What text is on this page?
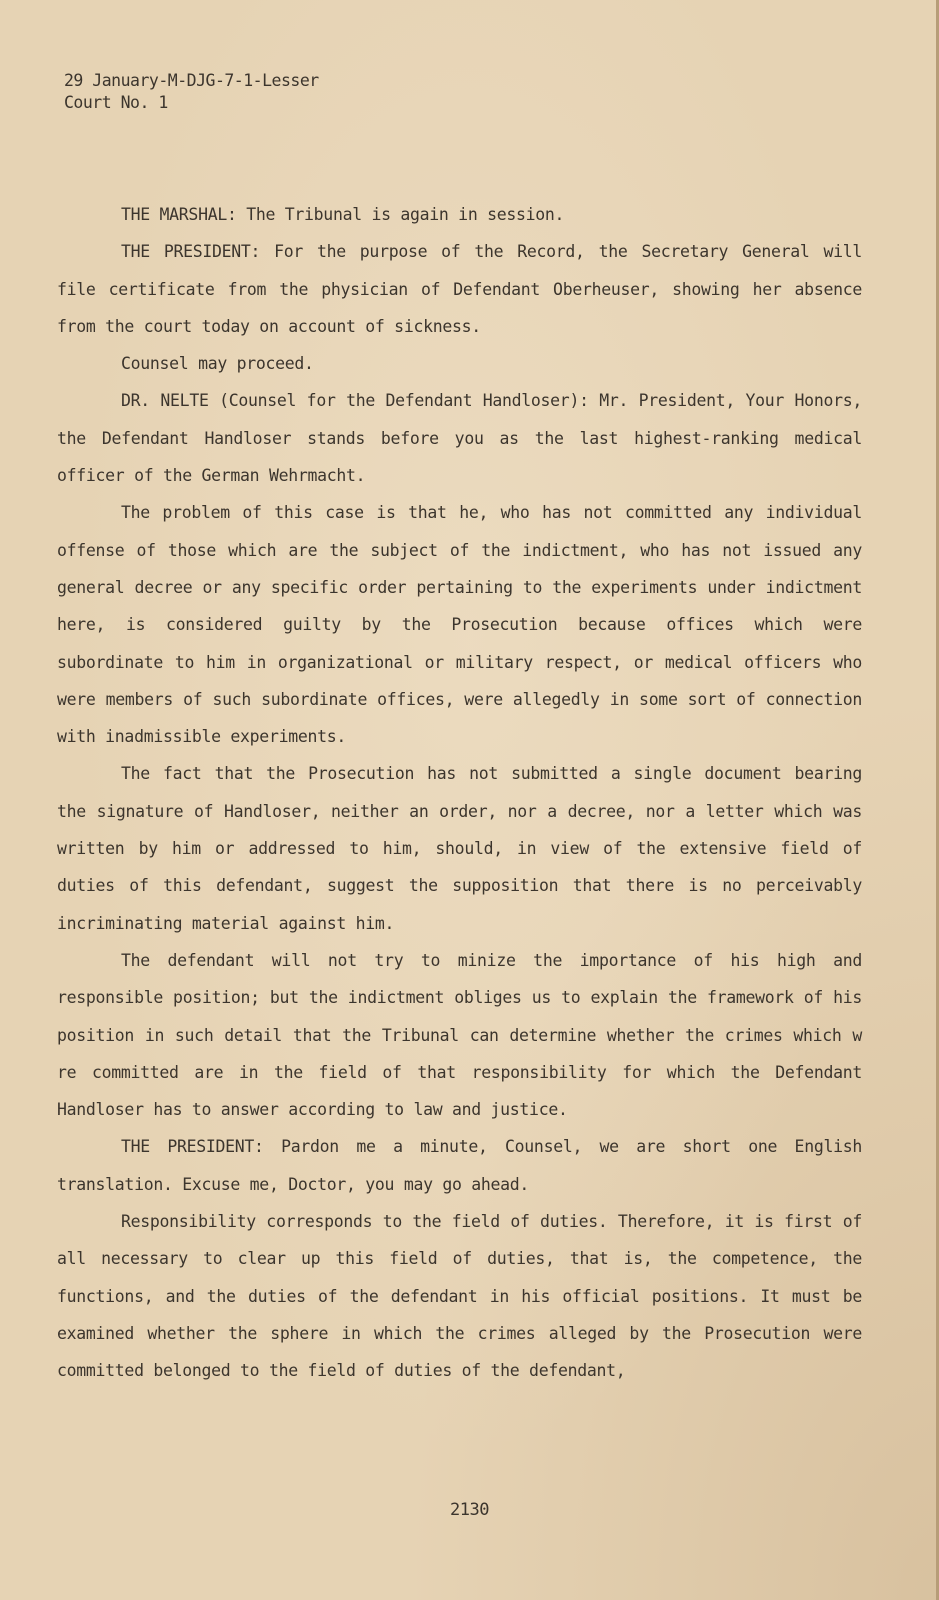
29 January-M-DJG-7-1-Lesser
Court No. 1

THE MARSHAL: The Tribunal is again in session.

THE PRESIDENT: For the purpose of the Record, the Secretary General will file certificate from the physician of Defendant Oberheuser, showing her absence from the court today on account of sickness.

Counsel may proceed.

DR. NELTE (Counsel for the Defendant Handloser): Mr. President, Your Honors, the Defendant Handloser stands before you as the last highest-ranking medical officer of the German Wehrmacht.

The problem of this case is that he, who has not committed any individual offense of those which are the subject of the indictment, who has not issued any general decree or any specific order pertaining to the experiments under indictment here, is considered guilty by the Prosecution because offices which were subordinate to him in organizational or military respect, or medical officers who were members of such subordinate offices, were allegedly in some sort of connection with inadmissible experiments.

The fact that the Prosecution has not submitted a single document bearing the signature of Handloser, neither an order, nor a decree, nor a letter which was written by him or addressed to him, should, in view of the extensive field of duties of this defendant, suggest the supposition that there is no perceivably incriminating material against him.

The defendant will not try to minize the importance of his high and responsible position; but the indictment obliges us to explain the framework of his position in such detail that the Tribunal can determine whether the crimes which w re committed are in the field of that responsibility for which the Defendant Handloser has to answer according to law and justice.

THE PRESIDENT: Pardon me a minute, Counsel, we are short one English translation. Excuse me, Doctor, you may go ahead.

Responsibility corresponds to the field of duties. Therefore, it is first of all necessary to clear up this field of duties, that is, the competence, the functions, and the duties of the defendant in his official positions. It must be examined whether the sphere in which the crimes alleged by the Prosecution were committed belonged to the field of duties of the defendant,

2130
